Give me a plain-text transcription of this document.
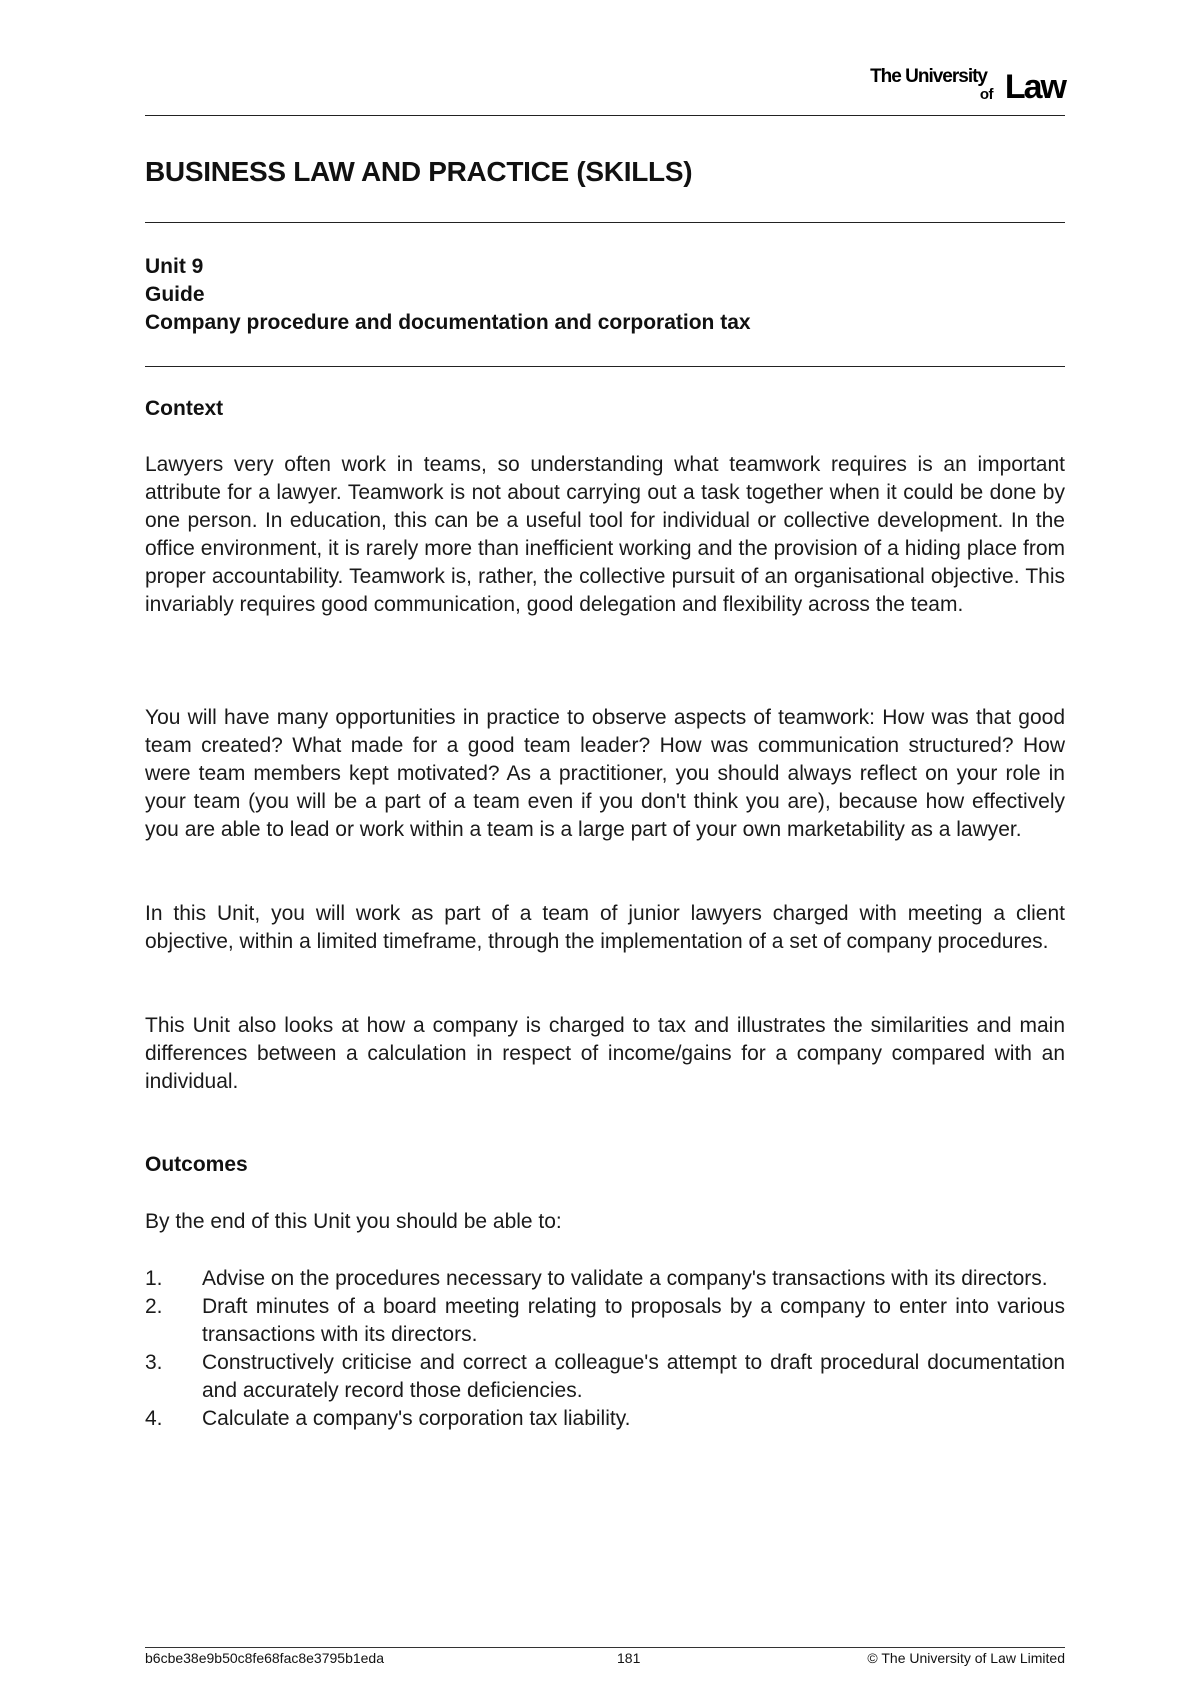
The University
of Law
BUSINESS LAW AND PRACTICE (SKILLS)
Unit 9
Guide
Company procedure and documentation and corporation tax
Context

Lawyers very often work in teams, so understanding what teamwork requires is an important attribute for a lawyer. Teamwork is not about carrying out a task together when it could be done by one person. In education, this can be a useful tool for individual or collective development. In the office environment, it is rarely more than inefficient working and the provision of a hiding place from proper accountability. Teamwork is, rather, the collective pursuit of an organisational objective. This invariably requires good communication, good delegation and flexibility across the team.

You will have many opportunities in practice to observe aspects of teamwork: How was that good team created? What made for a good team leader? How was communication structured? How were team members kept motivated? As a practitioner, you should always reflect on your role in your team (you will be a part of a team even if you don't think you are), because how effectively you are able to lead or work within a team is a large part of your own marketability as a lawyer.

In this Unit, you will work as part of a team of junior lawyers charged with meeting a client objective, within a limited timeframe, through the implementation of a set of company procedures.

This Unit also looks at how a company is charged to tax and illustrates the similarities and main differences between a calculation in respect of income/gains for a company compared with an individual.

Outcomes

By the end of this Unit you should be able to:

1. Advise on the procedures necessary to validate a company's transactions with its directors.
2. Draft minutes of a board meeting relating to proposals by a company to enter into various transactions with its directors.
3. Constructively criticise and correct a colleague's attempt to draft procedural documentation and accurately record those deficiencies.
4. Calculate a company's corporation tax liability.
b6cbe38e9b50c8fe68fac8e3795b1eda	181	© The University of Law Limited
